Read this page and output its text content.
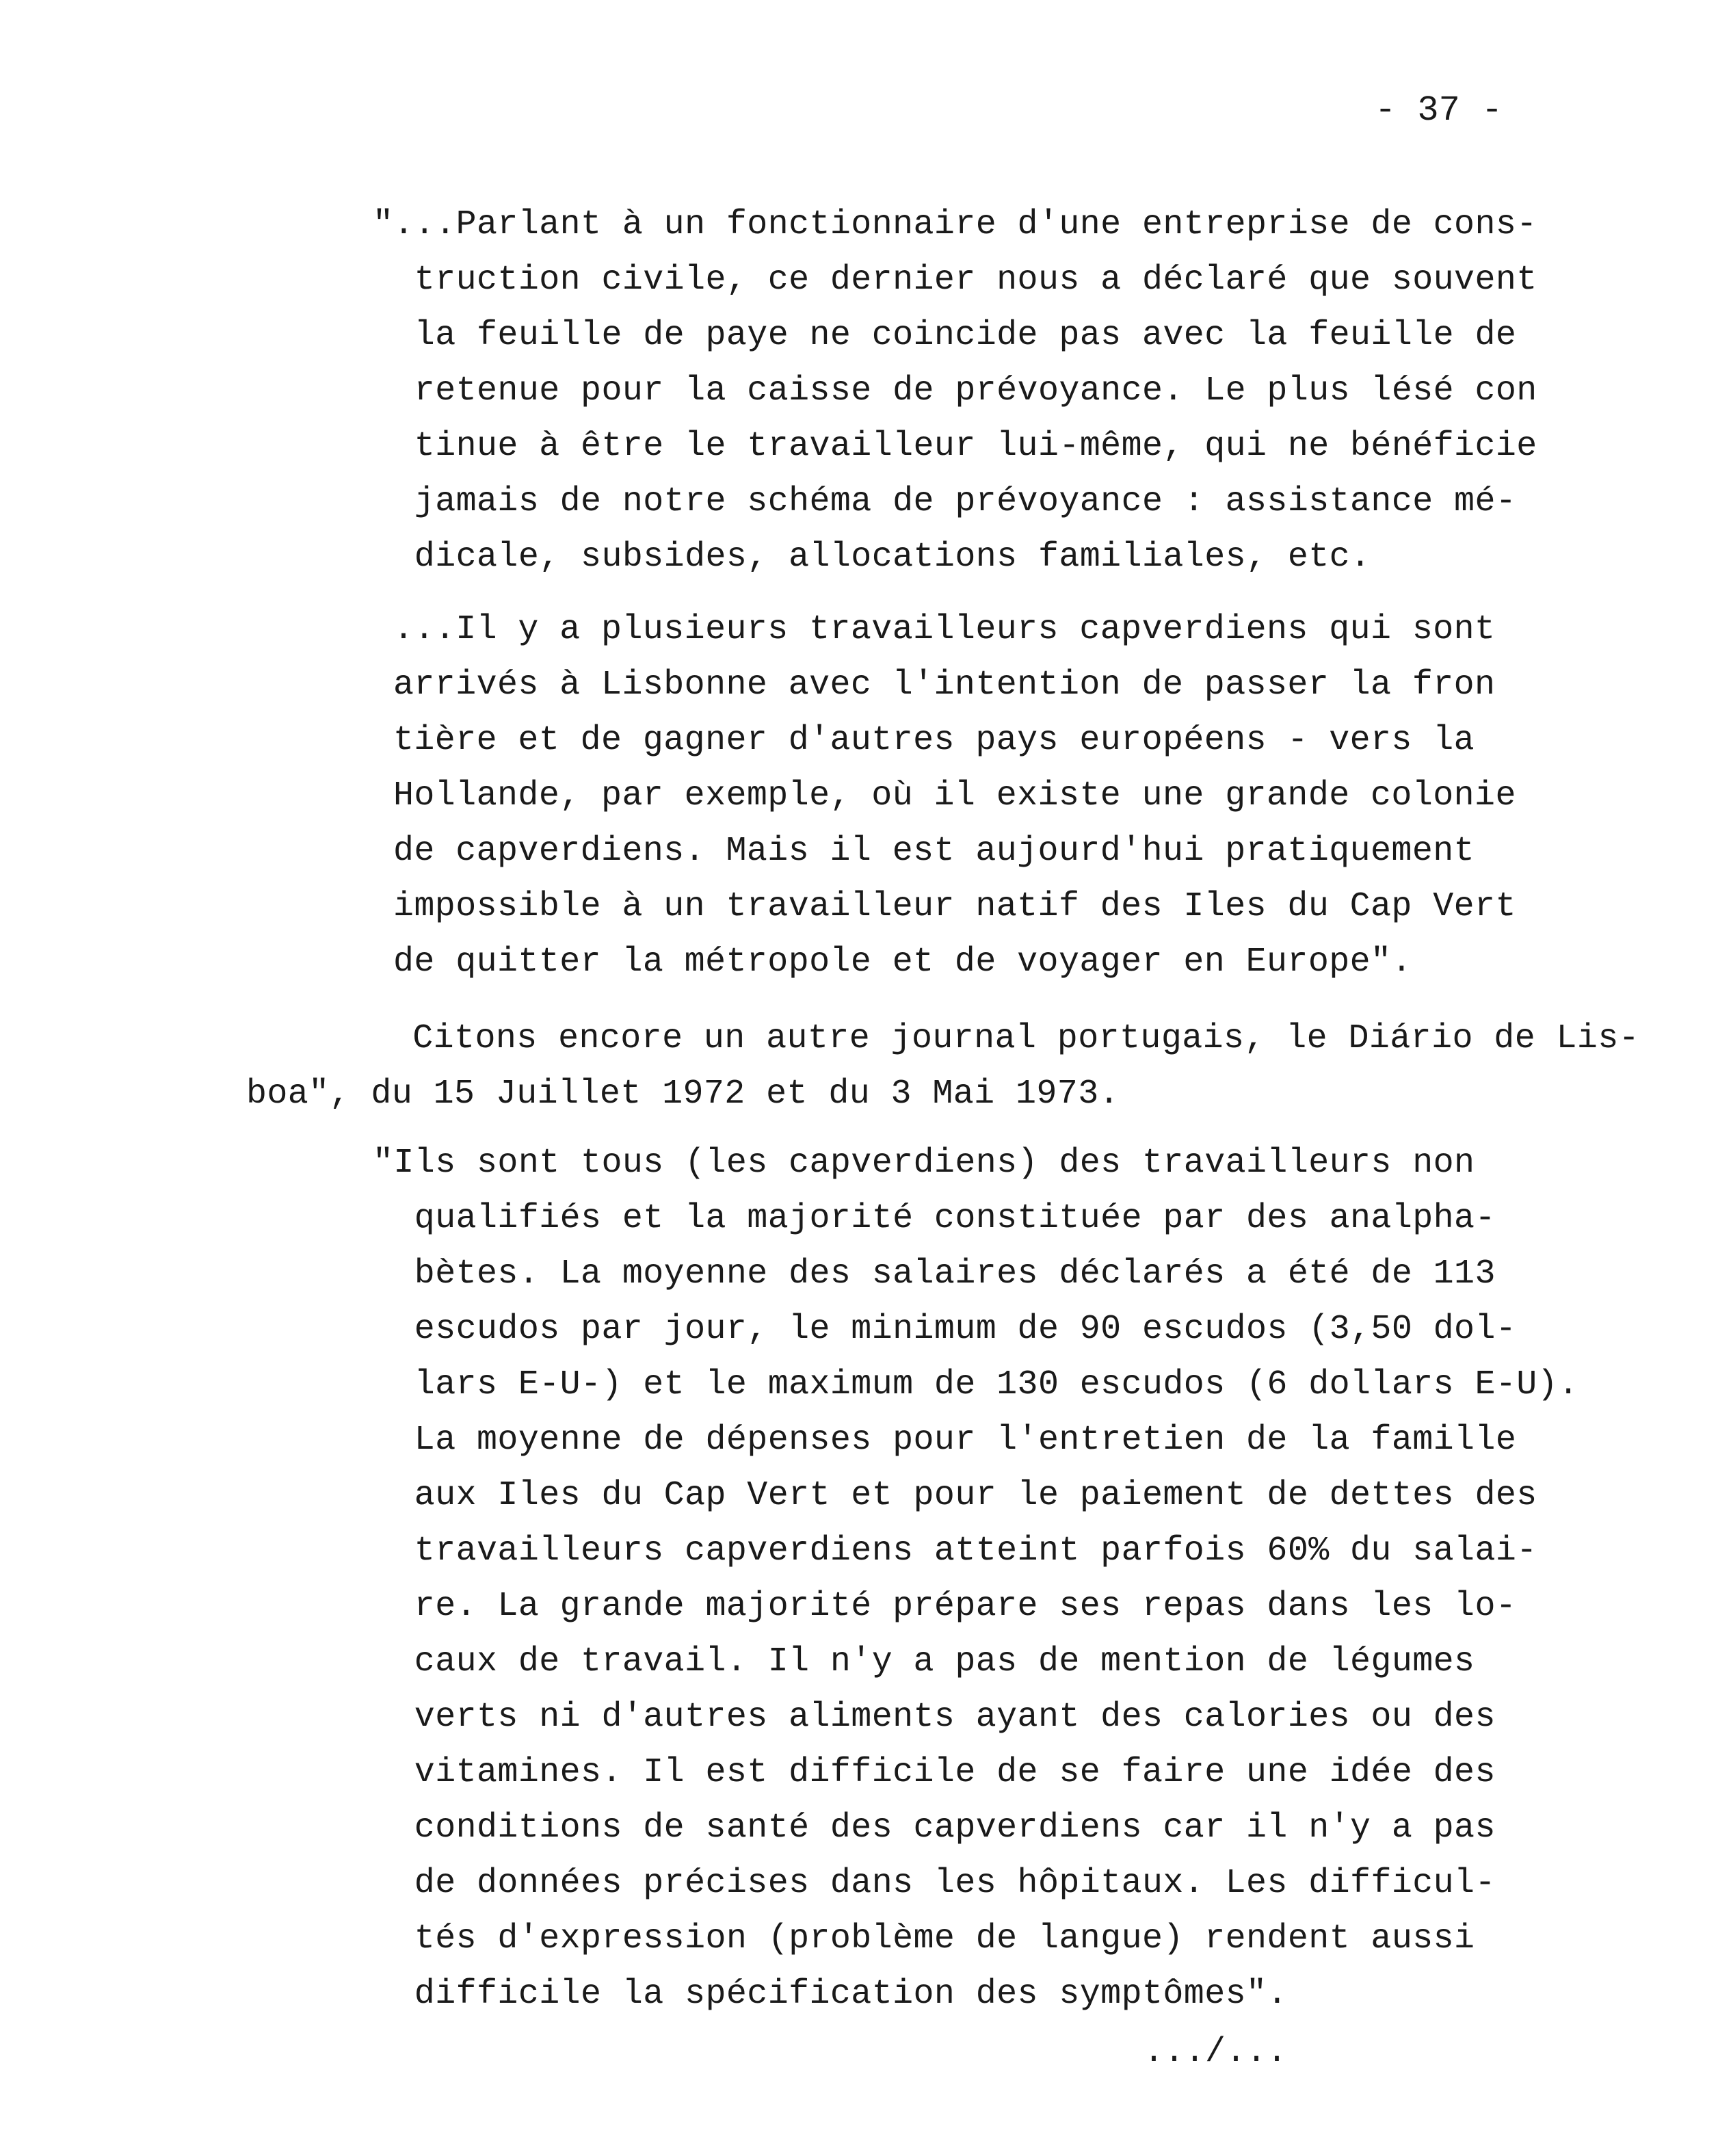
- 37 -
"...Parlant à un fonctionnaire d'une entreprise de cons-
truction civile, ce dernier nous a déclaré que souvent
la feuille de paye ne coincide pas avec la feuille de
retenue pour la caisse de prévoyance. Le plus lésé con
tinue à être le travailleur lui-même, qui ne bénéficie
jamais de notre schéma de prévoyance : assistance mé-
dicale, subsides, allocations familiales, etc.
...Il y a plusieurs travailleurs capverdiens qui sont
arrivés à Lisbonne avec l'intention de passer la fron
tière et de gagner d'autres pays européens - vers la
Hollande, par exemple, où il existe une grande colonie
de capverdiens. Mais il est aujourd'hui pratiquement
impossible à un travailleur natif des Iles du Cap Vert
de quitter la métropole et de voyager en Europe".
Citons encore un autre journal portugais, le Diário de Lis-
boa", du 15 Juillet 1972 et du 3 Mai 1973.
"Ils sont tous (les capverdiens) des travailleurs non
qualifiés et la majorité constituée par des analpha-
bètes. La moyenne des salaires déclarés a été de 113
escudos par jour, le minimum de 90 escudos (3,50 dol-
lars E-U-) et le maximum de 130 escudos (6 dollars E-U).
La moyenne de dépenses pour l'entretien de la famille
aux Iles du Cap Vert et pour le paiement de dettes des
travailleurs capverdiens atteint parfois 60% du salai-
re. La grande majorité prépare ses repas dans les lo-
caux de travail. Il n'y a pas de mention de légumes
verts ni d'autres aliments ayant des calories ou des
vitamines. Il est difficile de se faire une idée des
conditions de santé des capverdiens car il n'y a pas
de données précises dans les hôpitaux. Les difficul-
tés d'expression (problème de langue) rendent aussi
difficile la spécification des symptômes".
.../...
